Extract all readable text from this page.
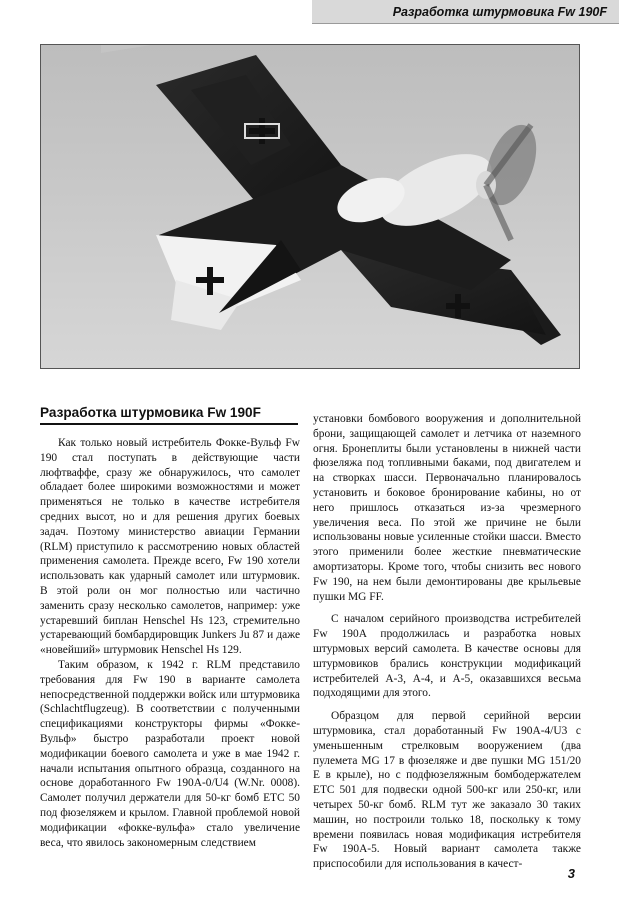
Разработка штурмовика Fw 190F
Разработка штурмовика Fw 190F

Как только новый истребитель Фокке-Вульф Fw 190 стал поступать в действующие части люфтваффе, сразу же обнаружилось, что самолет обладает более широкими возможностями и может применяться не только в качестве истребителя средних высот, но и для решения других боевых задач. Поэтому министерство авиации Германии (RLM) приступило к рассмотрению новых областей применения самолета. Прежде всего, Fw 190 хотели использовать как ударный самолет или штурмовик. В этой роли он мог полностью или частично заменить сразу несколько самолетов, например: уже устаревший биплан Henschel Hs 123, стремительно устаревающий бомбардировщик Junkers Ju 87 и даже «новейший» штурмовик Henschel Hs 129.

Таким образом, к 1942 г. RLM представило требования для Fw 190 в варианте самолета непосредственной поддержки войск или штурмовика (Schlachtflugzeug). В соответствии с полученными спецификациями конструкторы фирмы «Фокке-Вульф» быстро разработали проект новой модификации боевого самолета и уже в мае 1942 г. начали испытания опытного образца, созданного на основе доработанного Fw 190A-0/U4 (W.Nr. 0008). Самолет получил держатели для 50-кг бомб ETC 50 под фюзеляжем и крылом. Главной проблемой новой модификации «фокке-вульфа» стало увеличение веса, что явилось закономерным следствием

установки бомбового вооружения и дополнительной брони, защищающей самолет и летчика от наземного огня. Бронеплиты были установлены в нижней части фюзеляжа под топливными баками, под двигателем и на створках шасси. Первоначально планировалось установить и боковое бронирование кабины, но от него пришлось отказаться из-за чрезмерного увеличения веса. По этой же причине не были использованы новые усиленные стойки шасси. Вместо этого применили более жесткие пневматические амортизаторы. Кроме того, чтобы снизить вес нового Fw 190, на нем были демонтированы две крыльевые пушки MG FF.

С началом серийного производства истребителей Fw 190A продолжилась и разработка новых штурмовых версий самолета. В качестве основы для штурмовиков брались конструкции модификаций истребителей А-3, А-4, и А-5, оказавшихся весьма подходящими для этого.

Образцом для первой серийной версии штурмовика, стал доработанный Fw 190A-4/U3 с уменьшенным стрелковым вооружением (два пулемета MG 17 в фюзеляже и две пушки MG 151/20 E в крыле), но с подфюзеляжным бомбодержателем ETC 501 для подвески одной 500-кг или 250-кг, или четырех 50-кг бомб. RLM тут же заказало 30 таких машин, но построили только 18, поскольку к тому времени появилась новая модификация истребителя Fw 190A-5. Новый вариант самолета также приспособили для использования в качест-

3
